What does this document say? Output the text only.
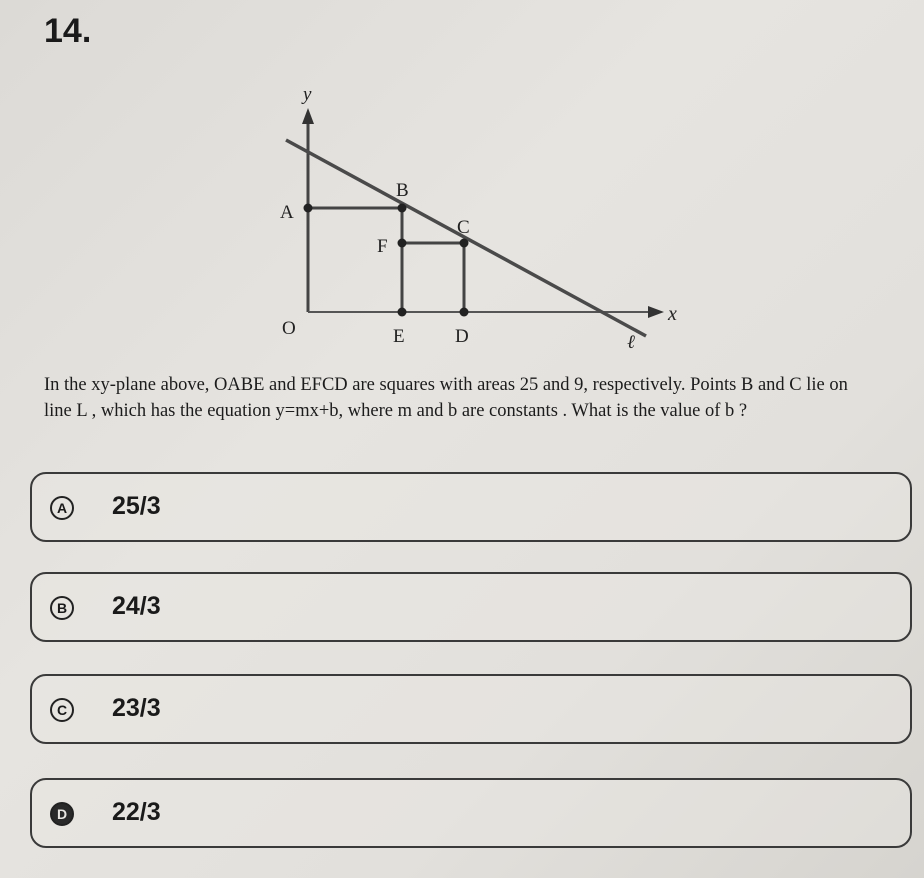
14.
y
x
ℓ
A
B
C
F
O	E	D
In the xy-plane above, OABE and EFCD are squares with areas 25 and 9, respectively. Points B and C lie on
line L , which has the equation y=mx+b, where m and b are constants . What is the value of b ?
A 25/3
B 24/3
C 23/3
D 22/3
